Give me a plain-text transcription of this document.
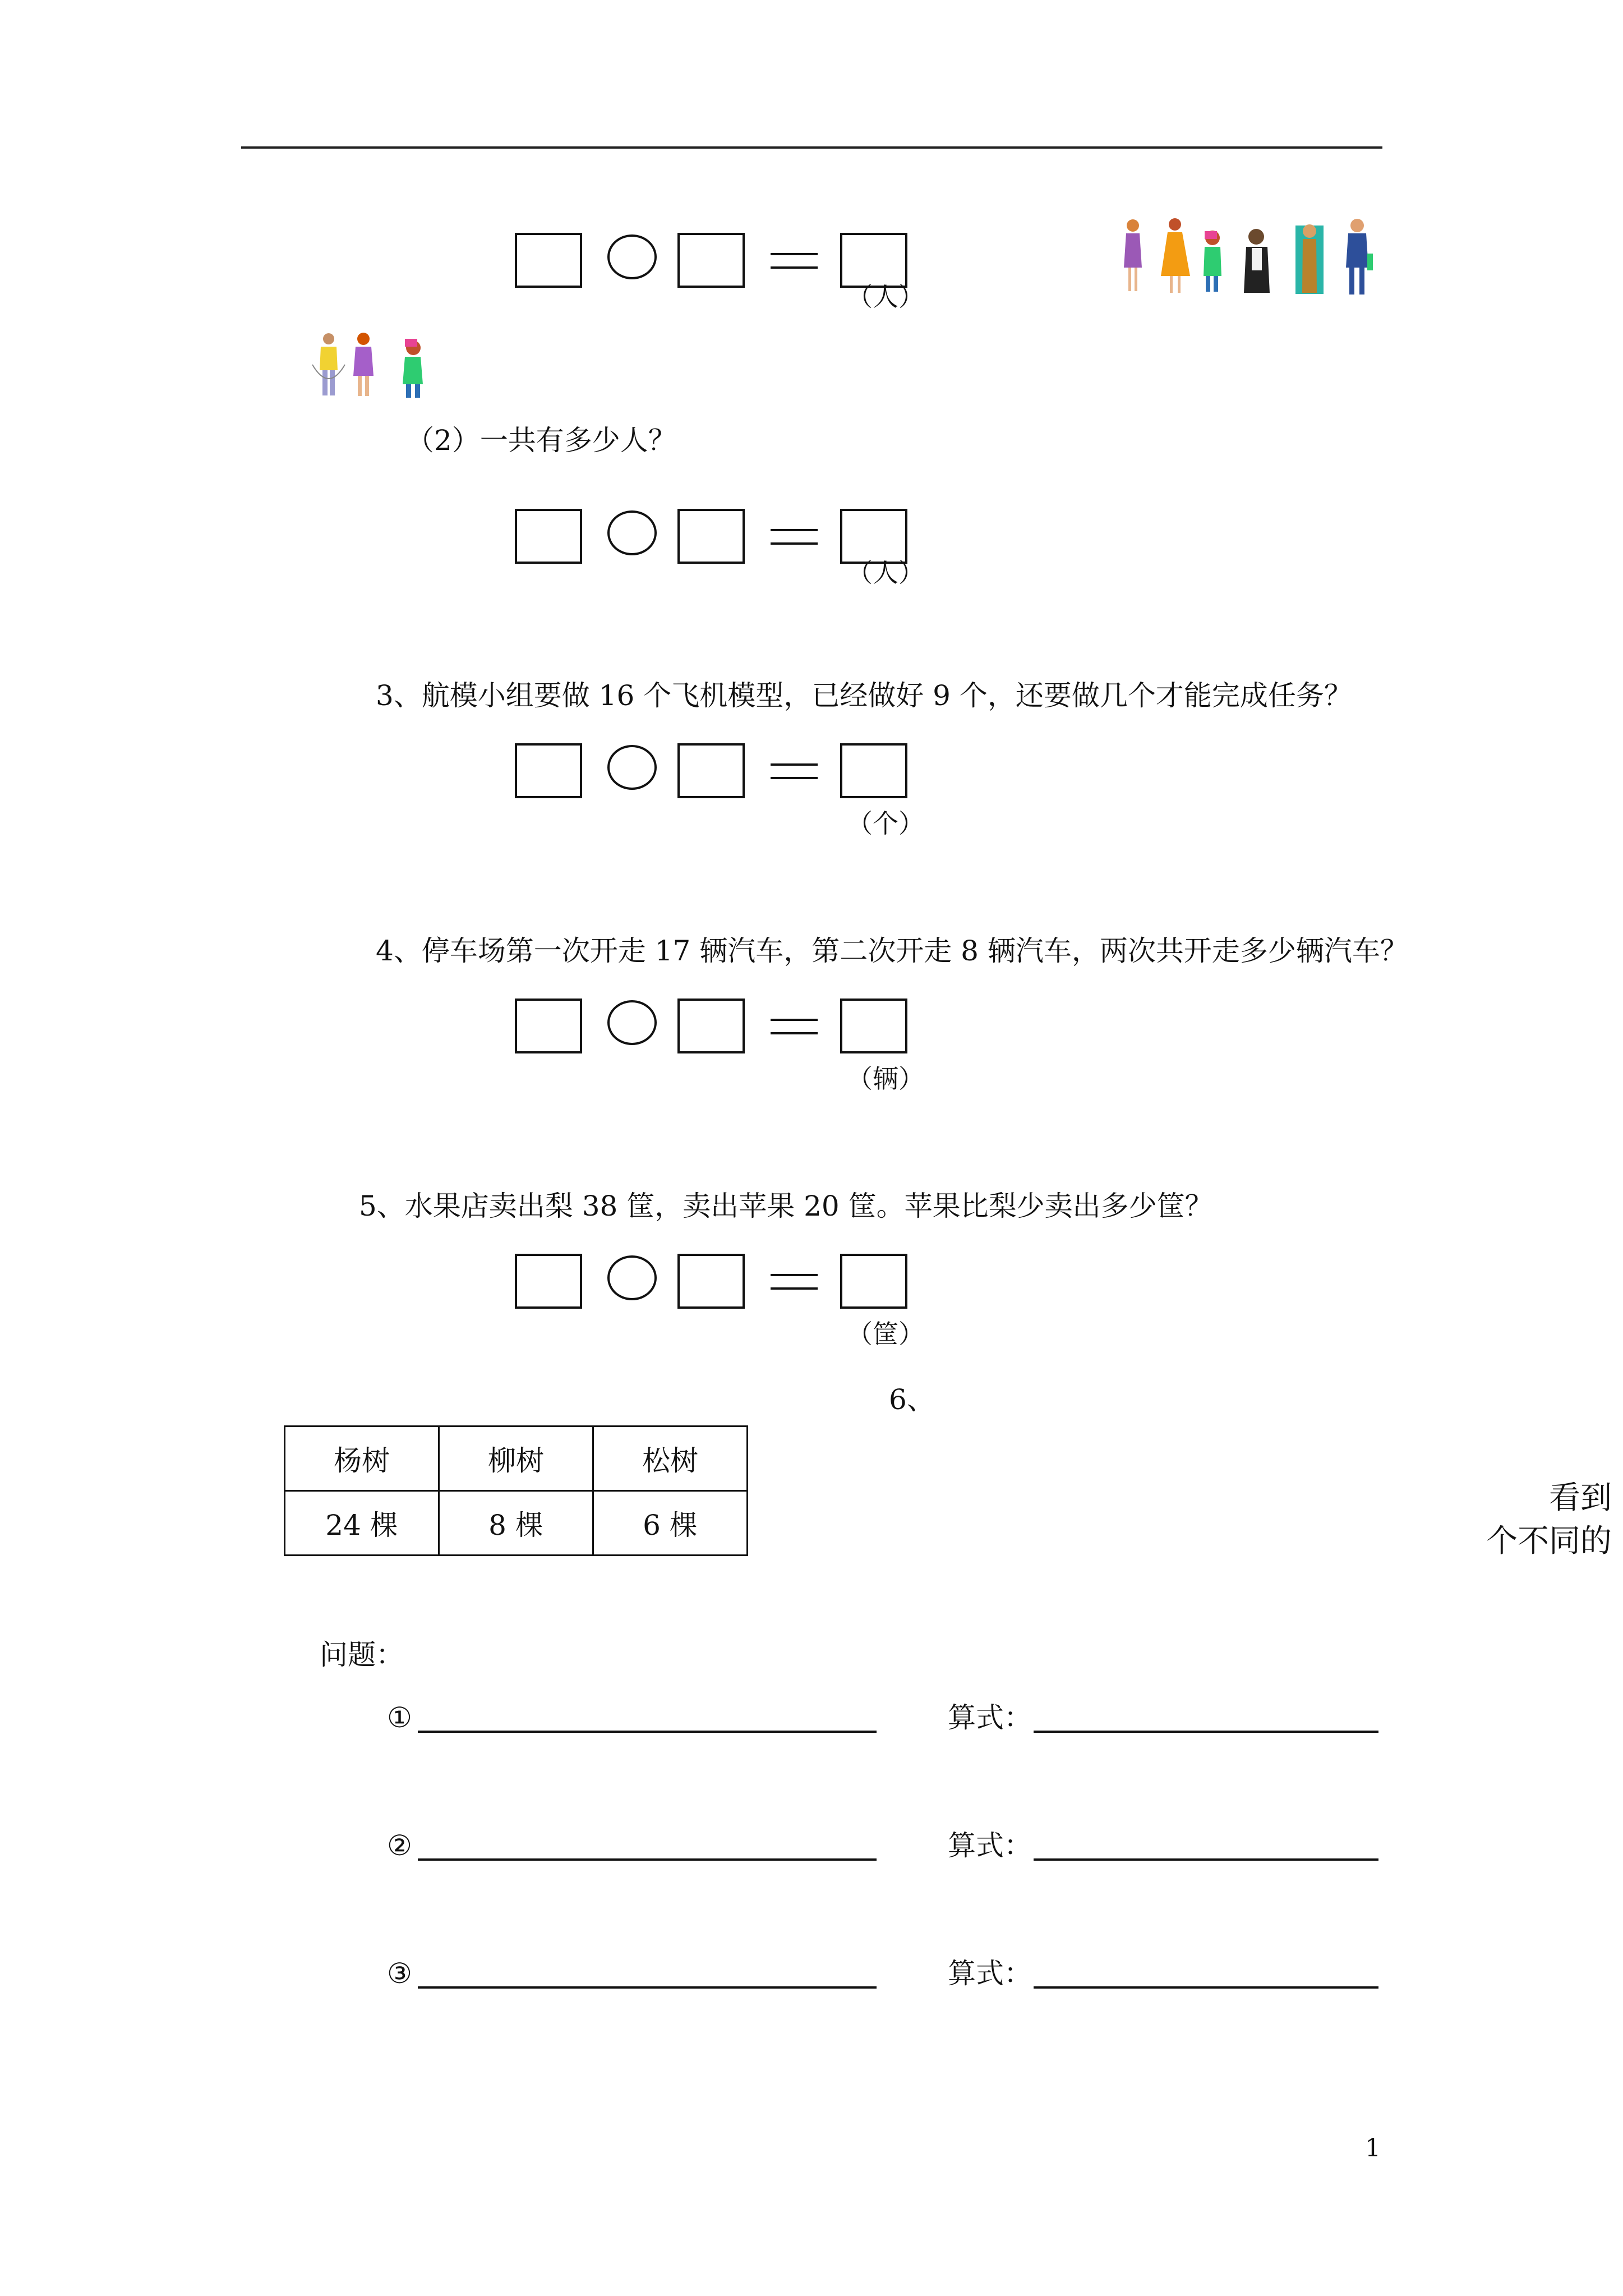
（人）
（2）一共有多少人？
（人）
3、航模小组要做 16 个飞机模型，已经做好 9 个，还要做几个才能完成任务？
（个）
4、停车场第一次开走 17 辆汽车，第二次开走 8 辆汽车，两次共开走多少辆汽车？
（辆）
5、水果店卖出梨 38 筐，卖出苹果 20 筐。苹果比梨少卖出多少筐？
（筐）
6、
杨树	柳树	松树
24 棵	8 棵	6 棵
看到
个不同的
问题：
①	算式：
②	算式：
③	算式：
1
